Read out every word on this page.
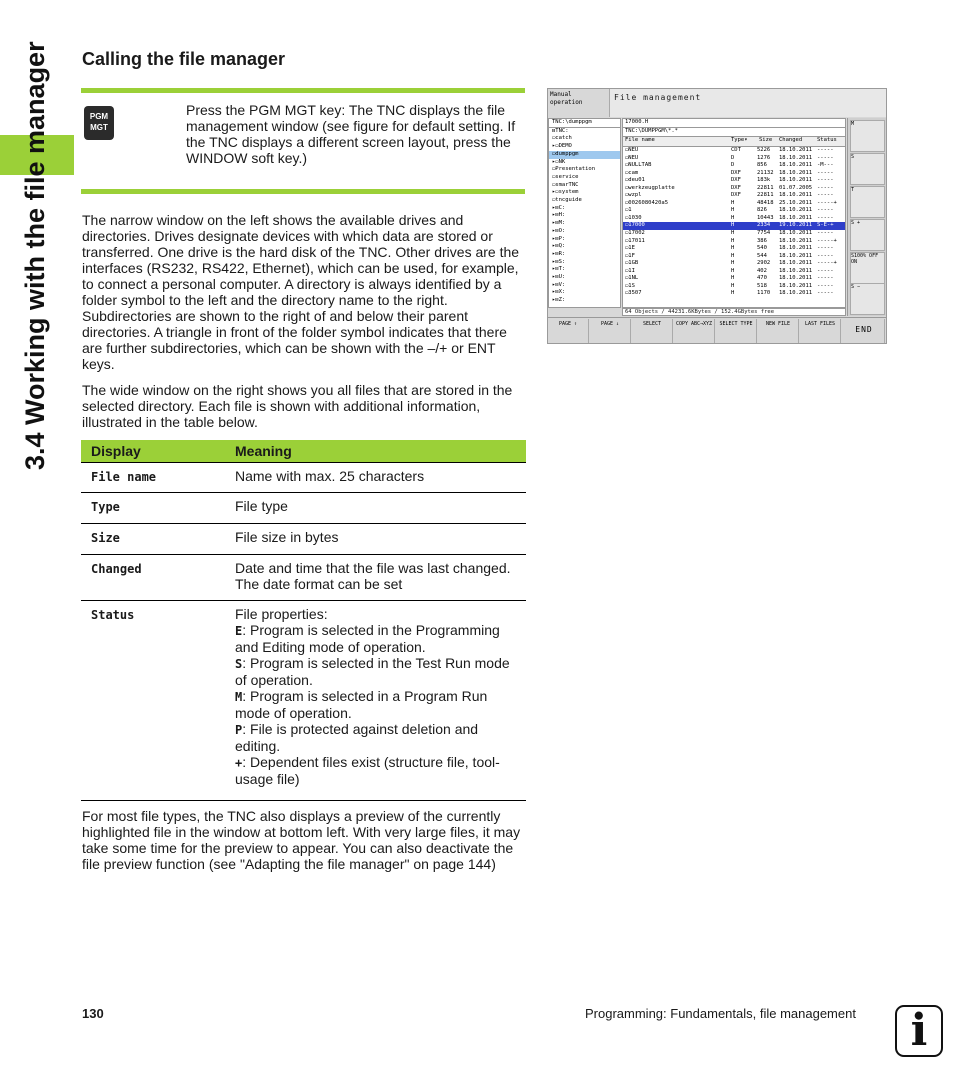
3.4 Working with the file manager	Calling the file manager
PGM
MGT
Press the PGM MGT key: The TNC displays the file management window (see figure for default setting. If the TNC displays a different screen layout, press the WINDOW soft key.)
The narrow window on the left shows the available drives and directories. Drives designate devices with which data are stored or transferred. One drive is the hard disk of the TNC. Other drives are the interfaces (RS232, RS422, Ethernet), which can be used, for example, to connect a personal computer. A directory is always identified by a folder symbol to the left and the directory name to the right. Subdirectories are shown to the right of and below their parent directories. A triangle in front of the folder symbol indicates that there are further subdirectories, which can be shown with the –/+ or ENT keys.
The wide window on the right shows you all files that are stored in the selected directory. Each file is shown with additional information, illustrated in the table below.
Display	Meaning
File name	Name with max. 25 characters
Type	File type
Size	File size in bytes
Changed	Date and time that the file was last changed. The date format can be set
Status	File properties:
E: Program is selected in the Programming and Editing mode of operation.
S: Program is selected in the Test Run mode of operation.
M: Program is selected in a Program Run mode of operation.
P: File is protected against deletion and editing.
+: Dependent files exist (structure file, tool-usage file)
For most file types, the TNC also displays a preview of the currently highlighted file in the window at bottom left. With very large files, it may take some time for the preview to appear. You can also deactivate the file preview function (see "Adapting the file manager" on page 144)
Manual
operation
File management
TNC:\dumppgm
⊟TNC:
▭catch
▸▭DEMO
▭dumppgm
▸▭NK
▭Presentation
▭service
▭smarTNC
▸▭system
▭tncguide
▸⊟C:
▸⊟H:
▸⊟M:
▸⊟O:
▸⊟P:
▸⊟Q:
▸⊟R:
▸⊟S:
▸⊟T:
▸⊟U:
▸⊟V:
▸⊟X:
▸⊟Z:
17000.H
TNC:\DUMPPGM\*.*
File name	Type▾ Size Changed	Status
▭NEU	CDT	5226 18.10.2011 -----
▭NEU	D	1276 18.10.2011 -----
▭NULLTAB	D	856 18.10.2011 -M---
▭cam	DXF	21132 18.10.2011 -----
▭deu01	DXF	183k 18.10.2011 -----
▭werkzeugplatte	DXF	22811 01.07.2005 -----
▭wzpl	DXF	22811 18.10.2011 -----
▭0026080420a5	H	48418 25.10.2011 -----+
▭1	H	826 18.10.2011 -----
▭1030	H	10443 18.10.2011 -----
▭17000	H	2334 19.10.2011 S-E-+
▭17002	H	7754 18.10.2011 -----
▭17011	H	386 18.10.2011 -----+
▭1E	H	540 18.10.2011 -----
▭1F	H	544 18.10.2011 -----
▭1GB	H	2902 18.10.2011 -----+
▭1I	H	402 18.10.2011 -----
▭1NL	H	470 18.10.2011 -----
▭1S	H	518 18.10.2011 -----
▭3507	H	1170 18.10.2011 -----
64 Objects / 44231.6KBytes / 152.4GBytes free
M
S
T
S +
S100% OFF ON
S −
PAGE ⇑	PAGE ⇓	SELECT	COPY ABC→XYZ	SELECT TYPE	NEW FILE	LAST FILES
END
130	Programming: Fundamentals, file management	i
